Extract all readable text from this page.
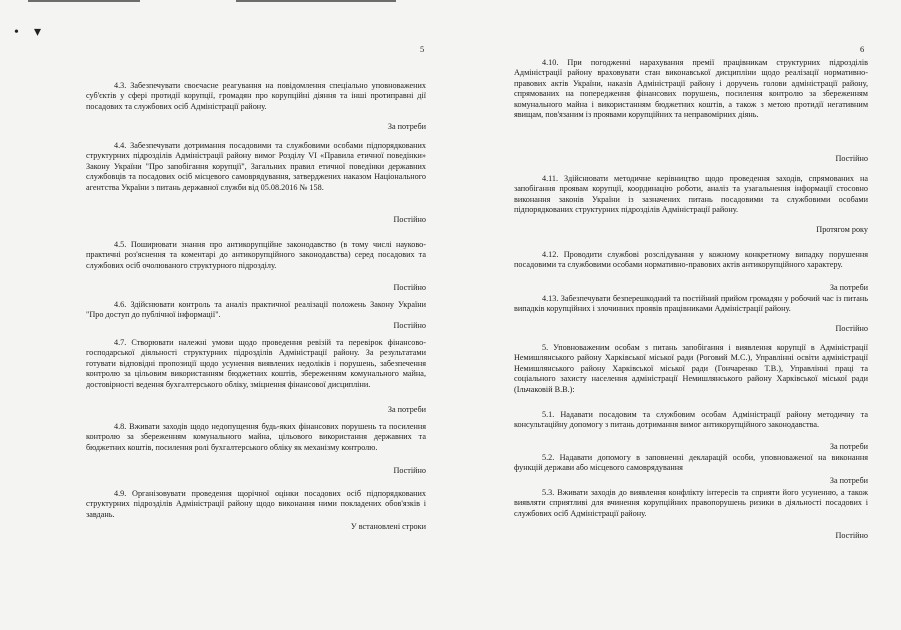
• ▾
5

4.3. Забезпечувати своєчасне реагування на повідомлення спеціально уповноважених суб'єктів у сфері протидії корупції, громадян про корупційні діяння та інші протиправні дії посадових та службових осіб Адміністрації району.

За потреби

4.4. Забезпечувати дотримання посадовими та службовими особами підпорядкованих структурних підрозділів Адміністрації району вимог Розділу VI «Правила етичної поведінки» Закону України "Про запобігання корупції", Загальних правил етичної поведінки державних службовців та посадових осіб місцевого самоврядування, затверджених наказом Національного агентства України з питань державної служби від 05.08.2016 № 158.

Постійно

4.5. Поширювати знання про антикорупційне законодавство (в тому числі науково-практичні роз'яснення та коментарі до антикорупційного законодавства) серед посадових та службових осіб очолюваного структурного підрозділу.

Постійно

4.6. Здійснювати контроль та аналіз практичної реалізації положень Закону України "Про доступ до публічної інформації".

Постійно

4.7. Створювати належні умови щодо проведення ревізій та перевірок фінансово-господарської діяльності структурних підрозділів Адміністрації району. За результатами готувати відповідні пропозиції щодо усунення виявлених недоліків і порушень, забезпечення контролю за цільовим використанням бюджетних коштів, збереженням комунального майна, достовірності ведення бухгалтерського обліку, зміцнення фінансової дисципліни.

За потреби

4.8. Вживати заходів щодо недопущення будь-яких фінансових порушень та посилення контролю за збереженням комунального майна, цільового використання державних та бюджетних коштів, посилення ролі бухгалтерського обліку як механізму контролю.

Постійно

4.9. Організовувати проведення щорічної оцінки посадових осіб підпорядкованих структурних підрозділів Адміністрації району щодо виконання ними покладених обов'язків і завдань.

У встановлені строки

6

4.10. При погодженні нарахування премії працівникам структурних підрозділів Адміністрації району враховувати стан виконавської дисципліни щодо реалізації нормативно-правових актів України, наказів Адміністрації району і доручень голови адміністрації району, спрямованих на попередження фінансових порушень, посилення контролю за збереженням комунального майна і використанням бюджетних коштів, а також з метою протидії негативним явищам, пов'язаним із проявами корупційних та неправомірних діянь.

Постійно

4.11. Здійснювати методичне керівництво щодо проведення заходів, спрямованих на запобігання проявам корупції, координацію роботи, аналіз та узагальнення інформації стосовно виконання законів України із зазначених питань посадовими та службовими особами підпорядкованих структурних підрозділів Адміністрації району.

Протягом року

4.12. Проводити службові розслідування у кожному конкретному випадку порушення посадовими та службовими особами нормативно-правових актів антикорупційного характеру.

За потреби

4.13. Забезпечувати безперешкодний та постійний прийом громадян у робочий час із питань випадків корупційних і злочинних проявів працівниками Адміністрації району.

Постійно

5. Уповноваженим особам з питань запобігання і виявлення корупції в Адміністрації Немишлянського району Харківської міської ради (Роговий М.С.), Управлінні освіти адміністрації Немишлянського району Харківської міської ради (Гончаренко Т.В.), Управлінні праці та соціального захисту населення адміністрації Немишлянського району Харківської міської ради (Ільчаковій В.В.):

5.1. Надавати посадовим та службовим особам Адміністрації району методичну та консультаційну допомогу з питань дотримання вимог антикорупційного законодавства.

За потреби

5.2. Надавати допомогу в заповненні декларацій особи, уповноваженої на виконання функцій держави або місцевого самоврядування

За потреби

5.3. Вживати заходів до виявлення конфлікту інтересів та сприяти його усуненню, а також виявляти сприятливі для вчинення корупційних правопорушень ризики в діяльності посадових і службових осіб Адміністрації району.

Постійно
